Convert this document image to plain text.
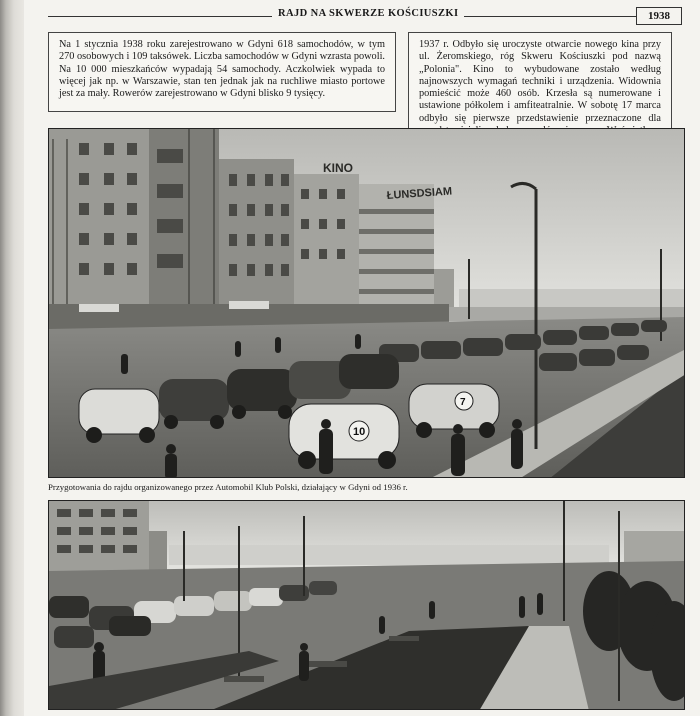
RAJD NA SKWERZE KOŚCIUSZKI	1938
Na 1 stycznia 1938 roku zarejestrowano w Gdyni 618 samochodów, w tym 270 osobowych i 109 taksówek. Liczba samochodów w Gdyni wzrasta powoli. Na 10 000 mieszkańców wypadają 54 samochody. Aczkolwiek wypada to więcej jak np. w Warszawie, stan ten jednak jak na ruchliwe miasto portowe jest za mały. Rowerów zarejestrowano w Gdyni blisko 9 tysięcy.
1937 r. Odbyło się uroczyste otwarcie nowego kina przy ul. Żeromskiego, róg Skweru Kościuszki pod nazwą „Polonia". Kino to wybudowane zostało według najnowszych wymagań techniki i urządzenia. Widownia pomieścić może 460 osób. Krzesła są numerowane i ustawione półkolem i amfiteatralnie. W sobotę 17 marca odbyło się pierwsze przedstawienie przeznaczone dla
KINO
ŁUNSDSIAM
10
7
Przygotowania do rajdu organizowanego przez Automobil Klub Polski, działający w Gdyni od 1936 r.
